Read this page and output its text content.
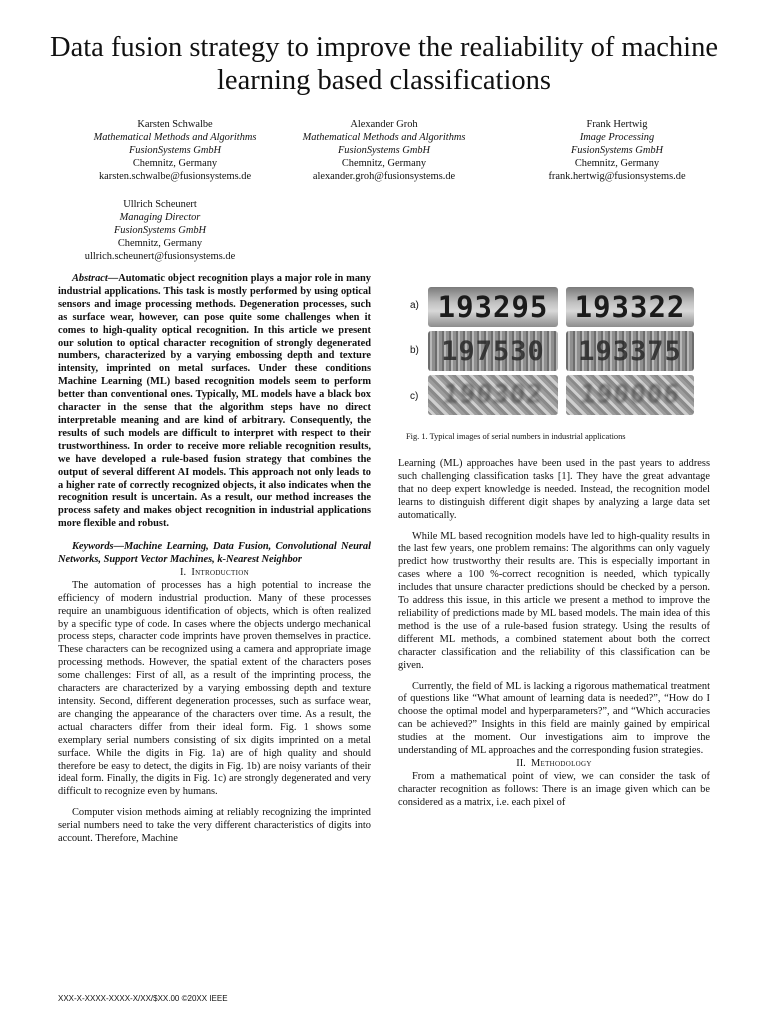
Data fusion strategy to improve the realiability of machine learning based classifications
Karsten Schwalbe
Mathematical Methods and Algorithms
FusionSystems GmbH
Chemnitz, Germany
karsten.schwalbe@fusionsystems.de
Alexander Groh
Mathematical Methods and Algorithms
FusionSystems GmbH
Chemnitz, Germany
alexander.groh@fusionsystems.de
Frank Hertwig
Image Processing
FusionSystems GmbH
Chemnitz, Germany
frank.hertwig@fusionsystems.de
Ullrich Scheunert
Managing Director
FusionSystems GmbH
Chemnitz, Germany
ullrich.scheunert@fusionsystems.de

Abstract—Automatic object recognition plays a major role in many industrial applications. This task is mostly performed by using optical sensors and image processing methods. Degeneration processes, such as surface wear, however, can pose quite some challenges when it comes to high-quality optical recognition. In this article we present our solution to optical character recognition of strongly degenerated numbers, characterized by a varying embossing depth and texture intensity, imprinted on metal surfaces. Under these conditions Machine Learning (ML) based recognition models seem to perform better than conventional ones. Typically, ML models have a black box character in the sense that the algorithm steps have no direct interpretable meaning and are kind of arbitrary. Consequently, the results of such models are difficult to interpret with respect to their trustworthiness. In order to receive more reliable recognition results, we have developed a rule-based fusion strategy that combines the output of several different AI models. This approach not only leads to a higher rate of correctly recognized objects, it also indicates when the recognition result is uncertain. As a result, our method increases the process safety and makes object recognition in industrial applications more flexible and robust.

Keywords—Machine Learning, Data Fusion, Convolutional Neural Networks, Support Vector Machines, k-Nearest Neighbor

I. Introduction

The automation of processes has a high potential to increase the efficiency of modern industrial production. Many of these processes require an unambiguous identification of objects, which is often realized by a specific type of code. In cases where the objects undergo mechanical process steps, character code imprints have proven themselves in practice. These characters can be recognized using a camera and appropriate image processing methods. However, the spatial extent of the characters poses some challenges: First of all, as a result of the imprinting process, the characters are characterized by a varying embossing depth and texture intensity. Second, different degeneration processes, such as surface wear, are changing the appearance of the characters over time. As a result, the actual characters differ from their ideal form. Fig. 1 shows some exemplary serial numbers consisting of six digits imprinted on a metal surface. While the digits in Fig. 1a) are of high quality and should therefore be easy to detect, the digits in Fig. 1b) are noisy variants of their ideal form. Finally, the digits in Fig. 1c) are strongly degenerated and very difficult to recognize even by humans.

Computer vision methods aiming at reliably recognizing the imprinted serial numbers need to take the very different characteristics of digits into account. Therefore, Machine

a)
b)
c)
193295 193322
197530	193375
190302	190006
Fig. 1. Typical images of serial numbers in industrial applications

Learning (ML) approaches have been used in the past years to address such challenging classification tasks [1]. They have the great advantage that no deep expert knowledge is needed. Instead, the recognition model learns to distinguish different digit shapes by analyzing a large data set automatically.

While ML based recognition models have led to high-quality results in the last few years, one problem remains: The algorithms can only vaguely predict how trustworthy their results are. This is especially important in cases where a 100 %-correct recognition is needed, which typically includes that unsure character predictions should be checked by a person. To address this issue, in this article we present a method to improve the reliability of predictions made by ML based models. The main idea of this method is the use of a rule-based fusion strategy. Using the results of different ML methods, a combined statement about both the correct character classification and the reliability of this classification can be given.

Currently, the field of ML is lacking a rigorous mathematical treatment of questions like “What amount of learning data is needed?”, “How do I choose the optimal model and hyperparameters?”, and “Which accuracies can be achieved?” Insights in this field are mainly gained by empirical studies at the moment. Our investigations aim to improve the understanding of ML approaches and the corresponding fusion strategies.

II. Methodology

From a mathematical point of view, we can consider the task of character recognition as follows: There is an image given which can be considered as a matrix, i.e. each pixel of

XXX-X-XXXX-XXXX-X/XX/$XX.00 ©20XX IEEE
